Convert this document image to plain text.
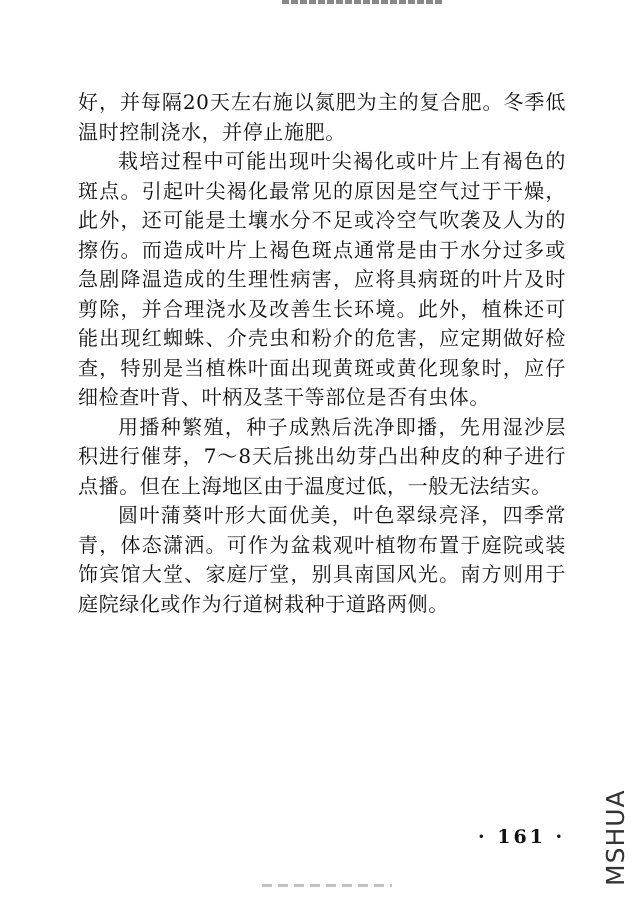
好，并每隔20天左右施以氮肥为主的复合肥。冬季低温时控制浇水，并停止施肥。

栽培过程中可能出现叶尖褐化或叶片上有褐色的斑点。引起叶尖褐化最常见的原因是空气过于干燥，此外，还可能是土壤水分不足或冷空气吹袭及人为的擦伤。而造成叶片上褐色斑点通常是由于水分过多或急剧降温造成的生理性病害，应将具病斑的叶片及时剪除，并合理浇水及改善生长环境。此外，植株还可能出现红蜘蛛、介壳虫和粉介的危害，应定期做好检查，特别是当植株叶面出现黄斑或黄化现象时，应仔细检查叶背、叶柄及茎干等部位是否有虫体。

用播种繁殖，种子成熟后洗净即播，先用湿沙层积进行催芽，7～8天后挑出幼芽凸出种皮的种子进行点播。但在上海地区由于温度过低，一般无法结实。

圆叶蒲葵叶形大面优美，叶色翠绿亮泽，四季常青，体态潇洒。可作为盆栽观叶植物布置于庭院或装饰宾馆大堂、家庭厅堂，别具南国风光。南方则用于庭院绿化或作为行道树栽种于道路两侧。

· 161 · MSHUA
